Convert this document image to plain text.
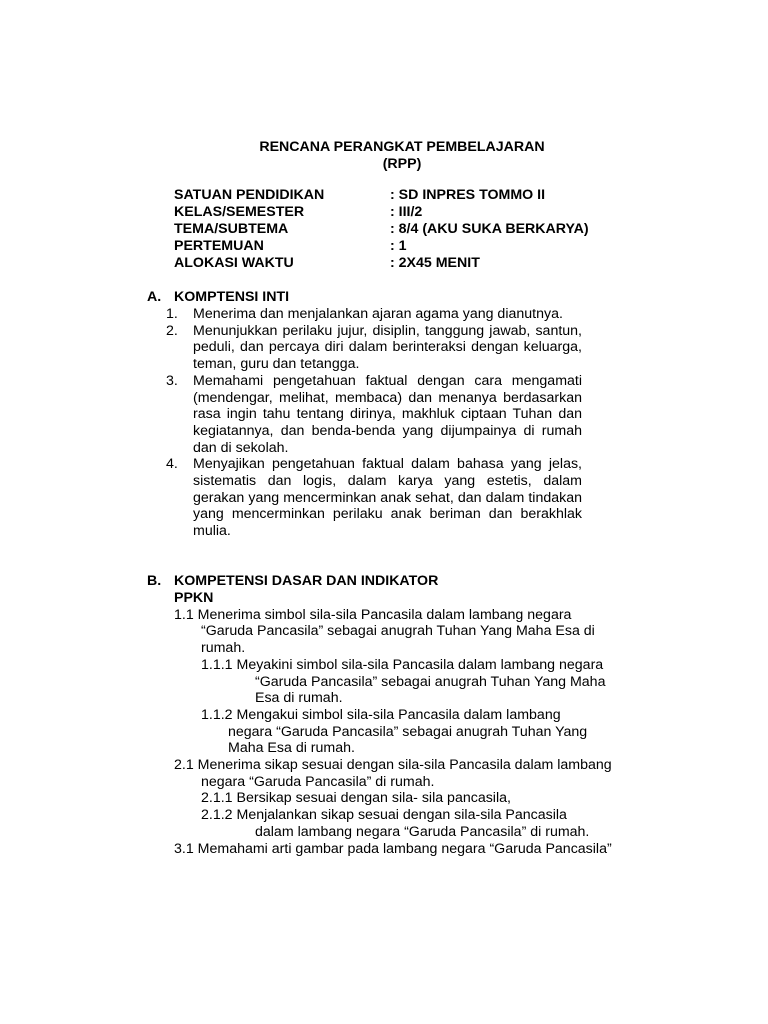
RENCANA PERANGKAT PEMBELAJARAN
(RPP)
SATUAN PENDIDIKAN	: SD INPRES TOMMO II
KELAS/SEMESTER	: III/2
TEMA/SUBTEMA	: 8/4 (AKU SUKA BERKARYA)
PERTEMUAN	: 1
ALOKASI WAKTU	: 2X45 MENIT
A. KOMPTENSI INTI
1. Menerima dan menjalankan ajaran agama yang dianutnya.
2. Menunjukkan perilaku jujur, disiplin, tanggung jawab, santun, peduli, dan percaya diri dalam berinteraksi dengan keluarga, teman, guru dan tetangga.
3. Memahami pengetahuan faktual dengan cara mengamati (mendengar, melihat, membaca) dan menanya berdasarkan rasa ingin tahu tentang dirinya, makhluk ciptaan Tuhan dan kegiatannya, dan benda-benda yang dijumpainya di rumah dan di sekolah.
4. Menyajikan pengetahuan faktual dalam bahasa yang jelas, sistematis dan logis, dalam karya yang estetis, dalam gerakan yang mencerminkan anak sehat, dan dalam tindakan yang mencerminkan perilaku anak beriman dan berakhlak mulia.
B. KOMPETENSI DASAR DAN INDIKATOR
PPKN
1.1 Menerima simbol sila-sila Pancasila dalam lambang negara
“Garuda Pancasila” sebagai anugrah Tuhan Yang Maha Esa di
rumah.
1.1.1 Meyakini simbol sila-sila Pancasila dalam lambang negara
“Garuda Pancasila” sebagai anugrah Tuhan Yang Maha
Esa di rumah.
1.1.2 Mengakui simbol sila-sila Pancasila dalam lambang
negara “Garuda Pancasila” sebagai anugrah Tuhan Yang
Maha Esa di rumah.
2.1 Menerima sikap sesuai dengan sila-sila Pancasila dalam lambang
negara “Garuda Pancasila” di rumah.
2.1.1 Bersikap sesuai dengan sila- sila pancasila,
2.1.2 Menjalankan sikap sesuai dengan sila-sila Pancasila
dalam lambang negara “Garuda Pancasila” di rumah.
3.1 Memahami arti gambar pada lambang negara “Garuda Pancasila”
